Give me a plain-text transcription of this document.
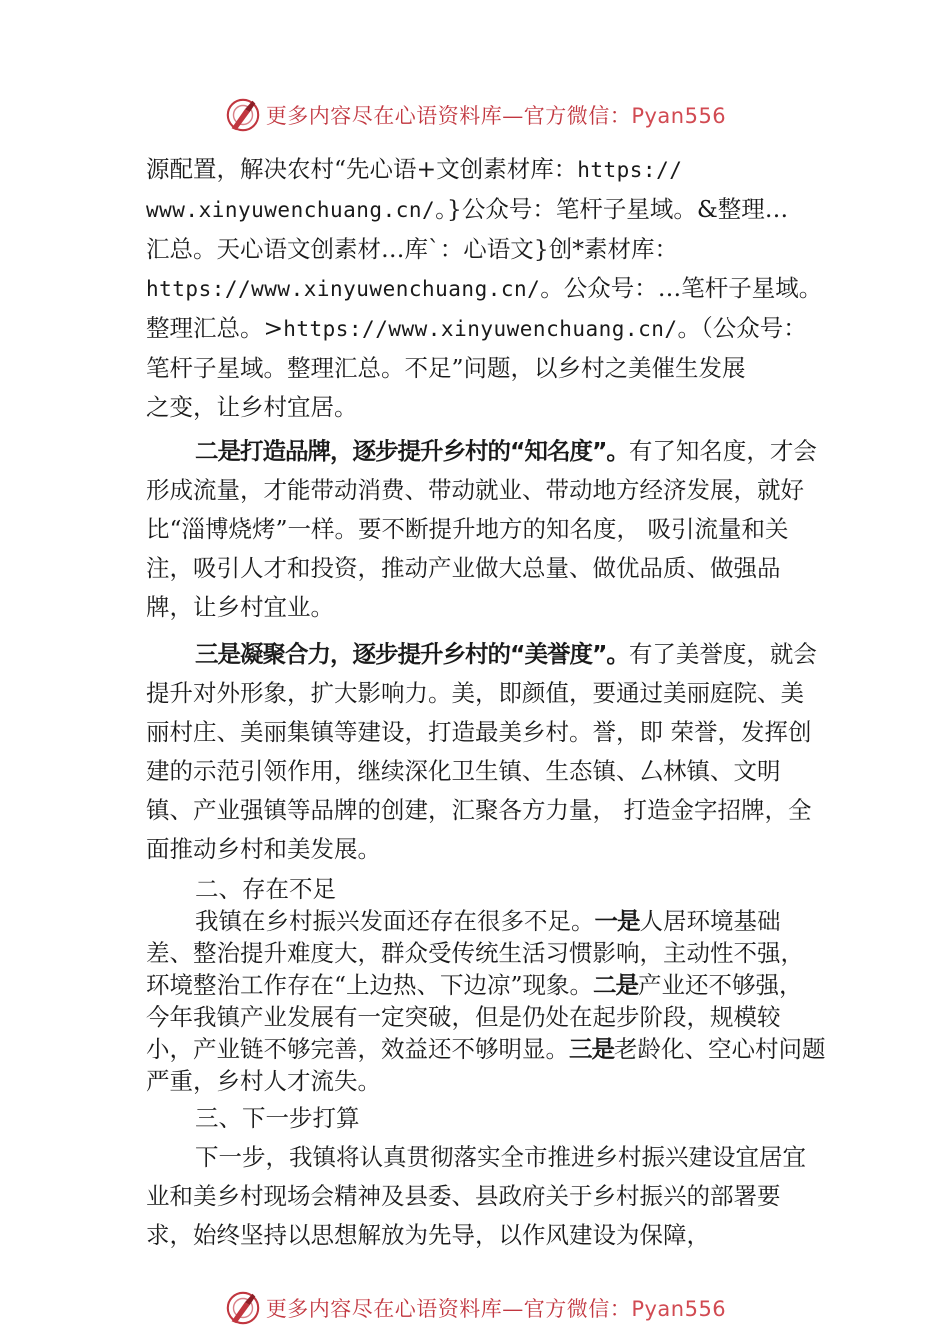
更多内容尽在心语资料库—官方微信：Pyan556

源配置，解决农村“先心语+文创素材库：https://

www.xinyuwenchuang.cn/。}公众号：笔杆子星域。&整理…

汇总。天心语文创素材…库`：心语文}创*素材库：

https://www.xinyuwenchuang.cn/。公众号：…笔杆子星域。

整理汇总。>https://www.xinyuwenchuang.cn/。（公众号：

笔杆子星域。整理汇总。不足”问题，以乡村之美催生发展

之变，让乡村宜居。

二是打造品牌，逐步提升乡村的“知名度”。有了知名度，才会形成流量，才能带动消费、带动就业、带动地方经济发展，就好比“淄博烧烤”一样。要不断提升地方的知名度， 吸引流量和关注，吸引人才和投资，推动产业做大总量、做优品质、做强品牌，让乡村宜业。

三是凝聚合力，逐步提升乡村的“美誉度”。有了美誉度，就会提升对外形象，扩大影响力。美，即颜值，要通过美丽庭院、美丽村庄、美丽集镇等建设，打造最美乡村。誉，即 荣誉，发挥创建的示范引领作用，继续深化卫生镇、生态镇、厶林镇、文明镇、产业强镇等品牌的创建，汇聚各方力量， 打造金字招牌，全面推动乡村和美发展。

二、存在不足

我镇在乡村振兴发面还存在很多不足。一是人居环境基础差、整治提升难度大，群众受传统生活习惯影响，主动性不强，环境整治工作存在“上边热、下边凉”现象。二是产业还不够强，今年我镇产业发展有一定突破，但是仍处在起步阶段，规模较小，产业链不够完善，效益还不够明显。三是老龄化、空心村问题严重，乡村人才流失。

三、下一步打算

下一步，我镇将认真贯彻落实全市推进乡村振兴建设宜居宜业和美乡村现场会精神及县委、县政府关于乡村振兴的部署要求，始终坚持以思想解放为先导，以作风建设为保障，

更多内容尽在心语资料库—官方微信：Pyan556
